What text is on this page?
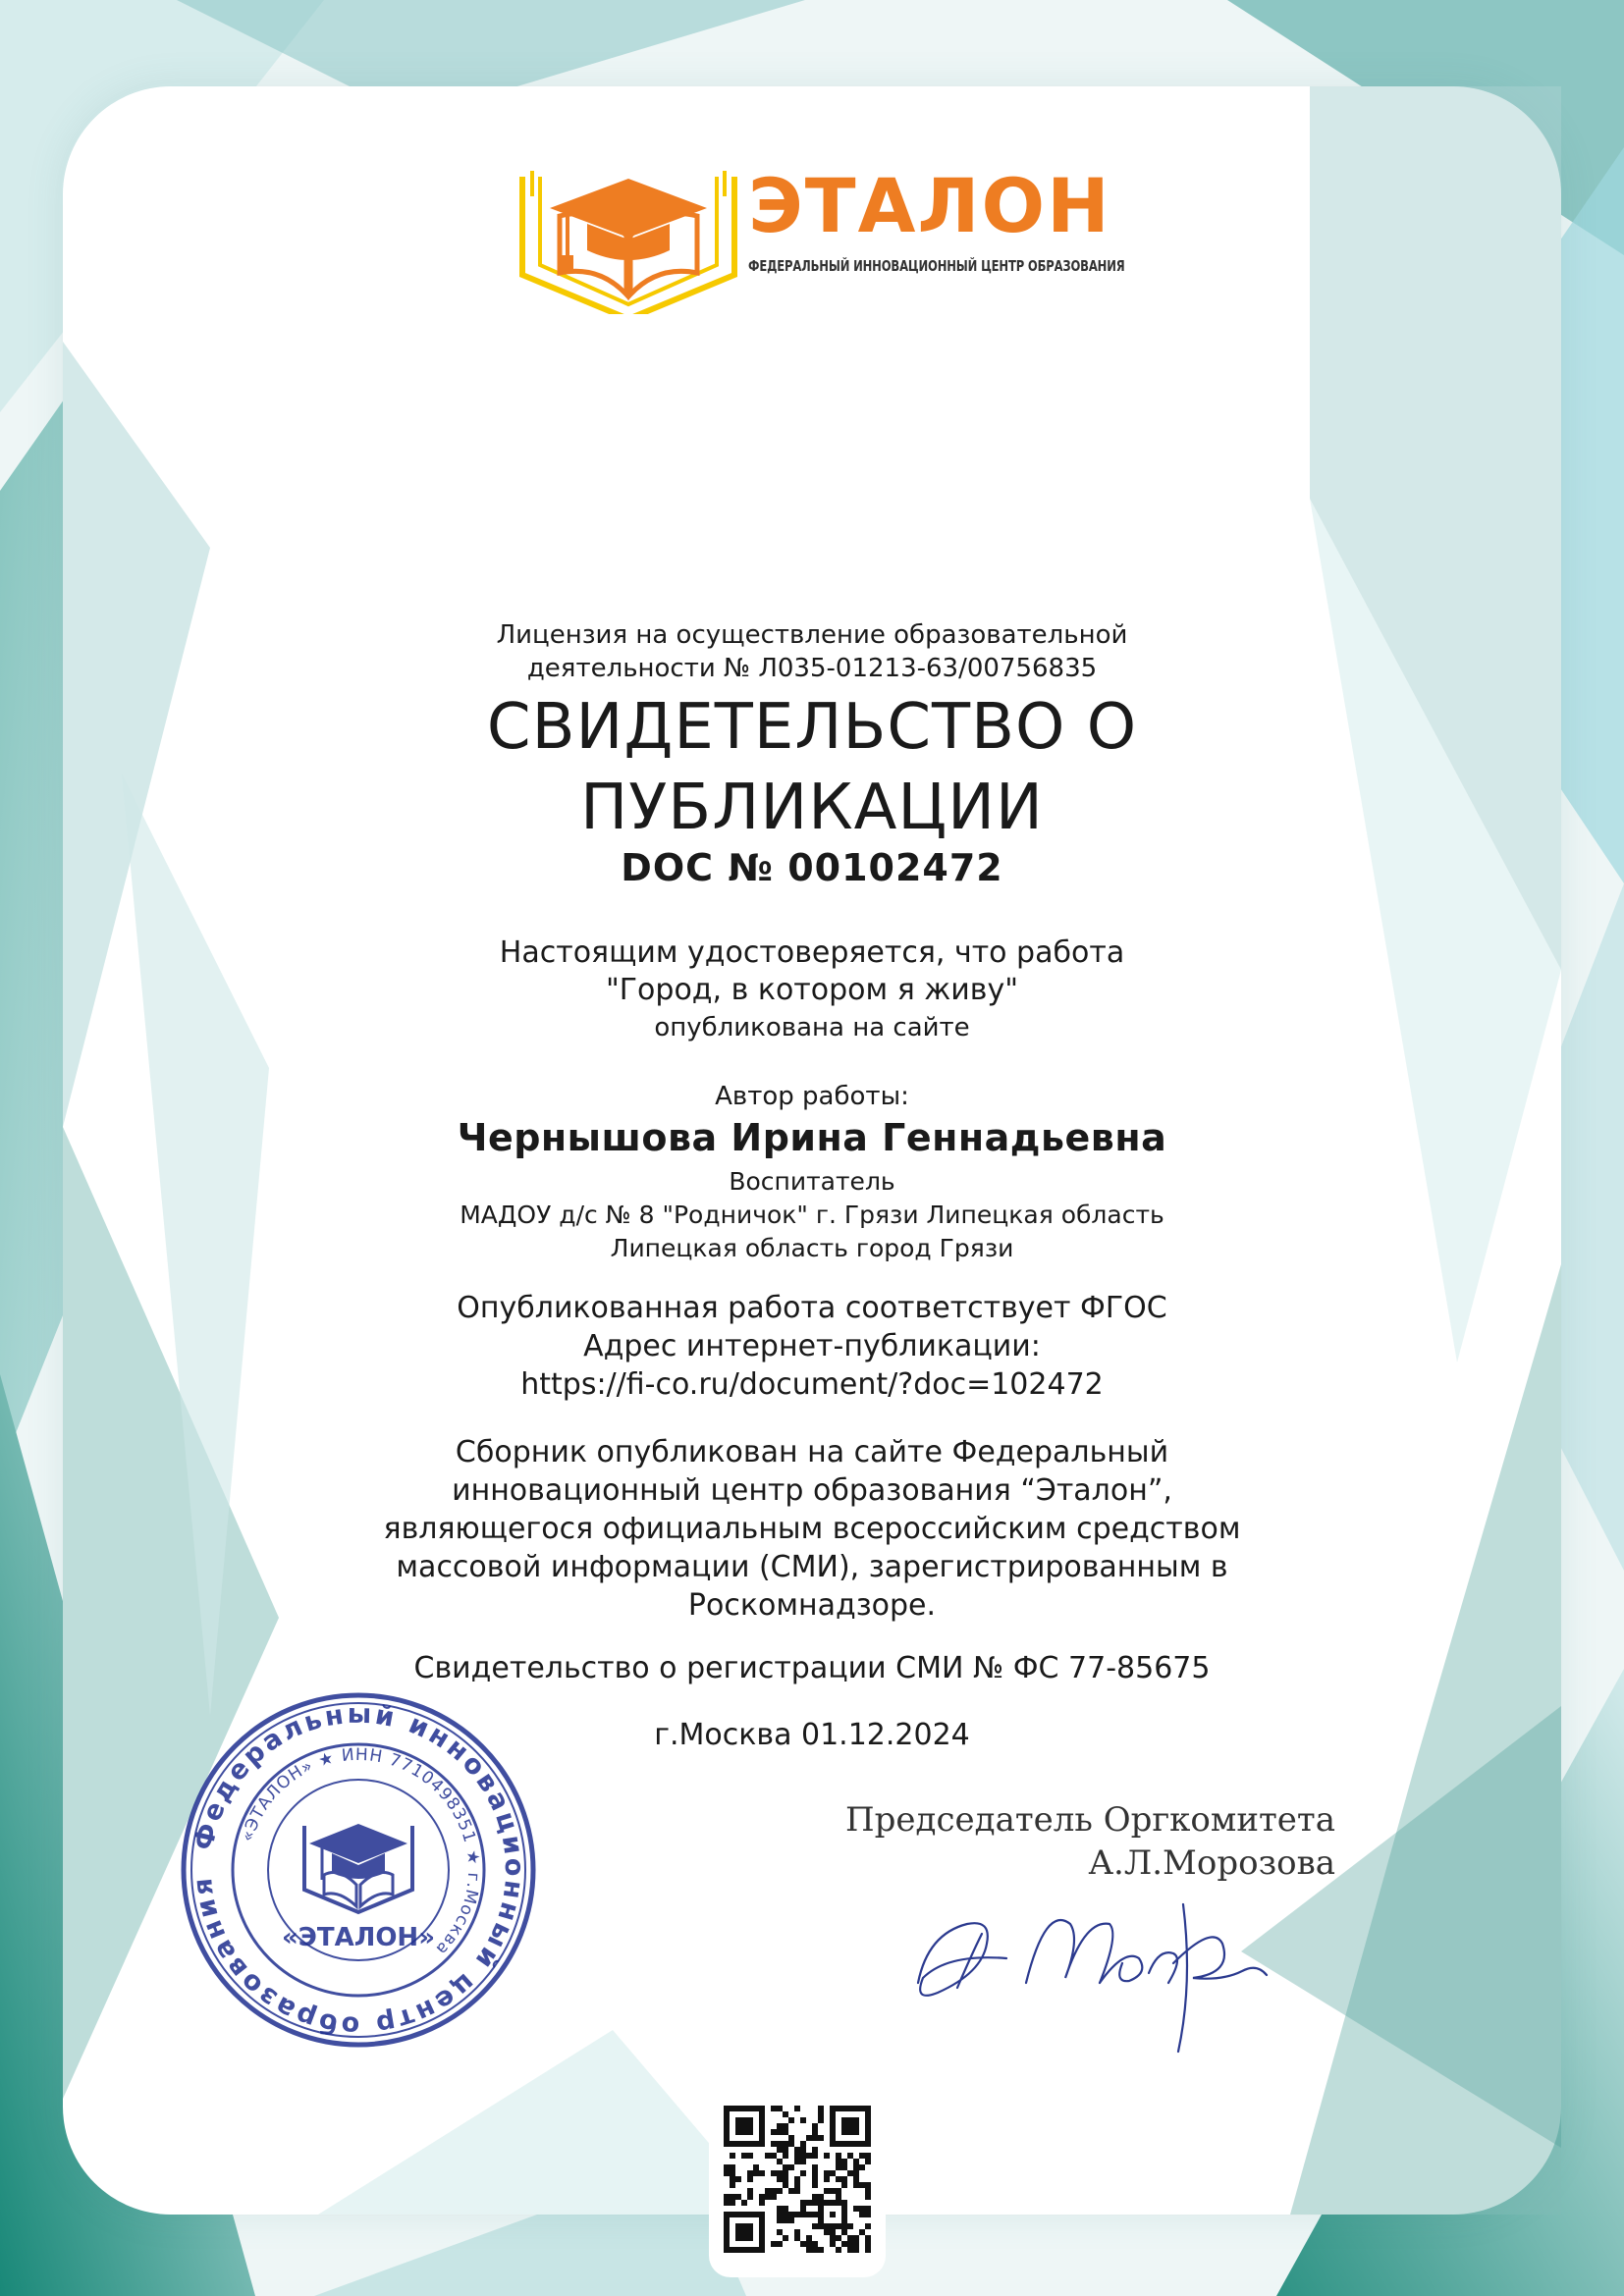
ЭТАЛОН
ФЕДЕРАЛЬНЫЙ ИННОВАЦИОННЫЙ ЦЕНТР ОБРАЗОВАНИЯ
Лицензия на осуществление образовательной
деятельности № Л035-01213-63/00756835
СВИДЕТЕЛЬСТВО О
ПУБЛИКАЦИИ
DOC № 00102472
Настоящим удостоверяется, что работа
"Город, в котором я живу"
опубликована на сайте
Автор работы:
Чернышова Ирина Геннадьевна
Воспитатель
МАДОУ д/с № 8 "Родничок" г. Грязи Липецкая область
Липецкая область город Грязи
Опубликованная работа соответствует ФГОС
Адрес интернет-публикации:
https://fi-co.ru/document/?doc=102472
Сборник опубликован на сайте Федеральный
инновационный центр образования “Эталон”,
являющегося официальным всероссийским средством
массовой информации (СМИ), зарегистрированным в
Роскомнадзоре.
Свидетельство о регистрации СМИ № ФС 77-85675
г.Москва 01.12.2024
Председатель Оргкомитета
А.Л.Морозова
Федеральный инновационный центр образования
«ЭТАЛОН» ★ ИНН 7710498351 ★ г.Москва
«ЭТАЛОН»
